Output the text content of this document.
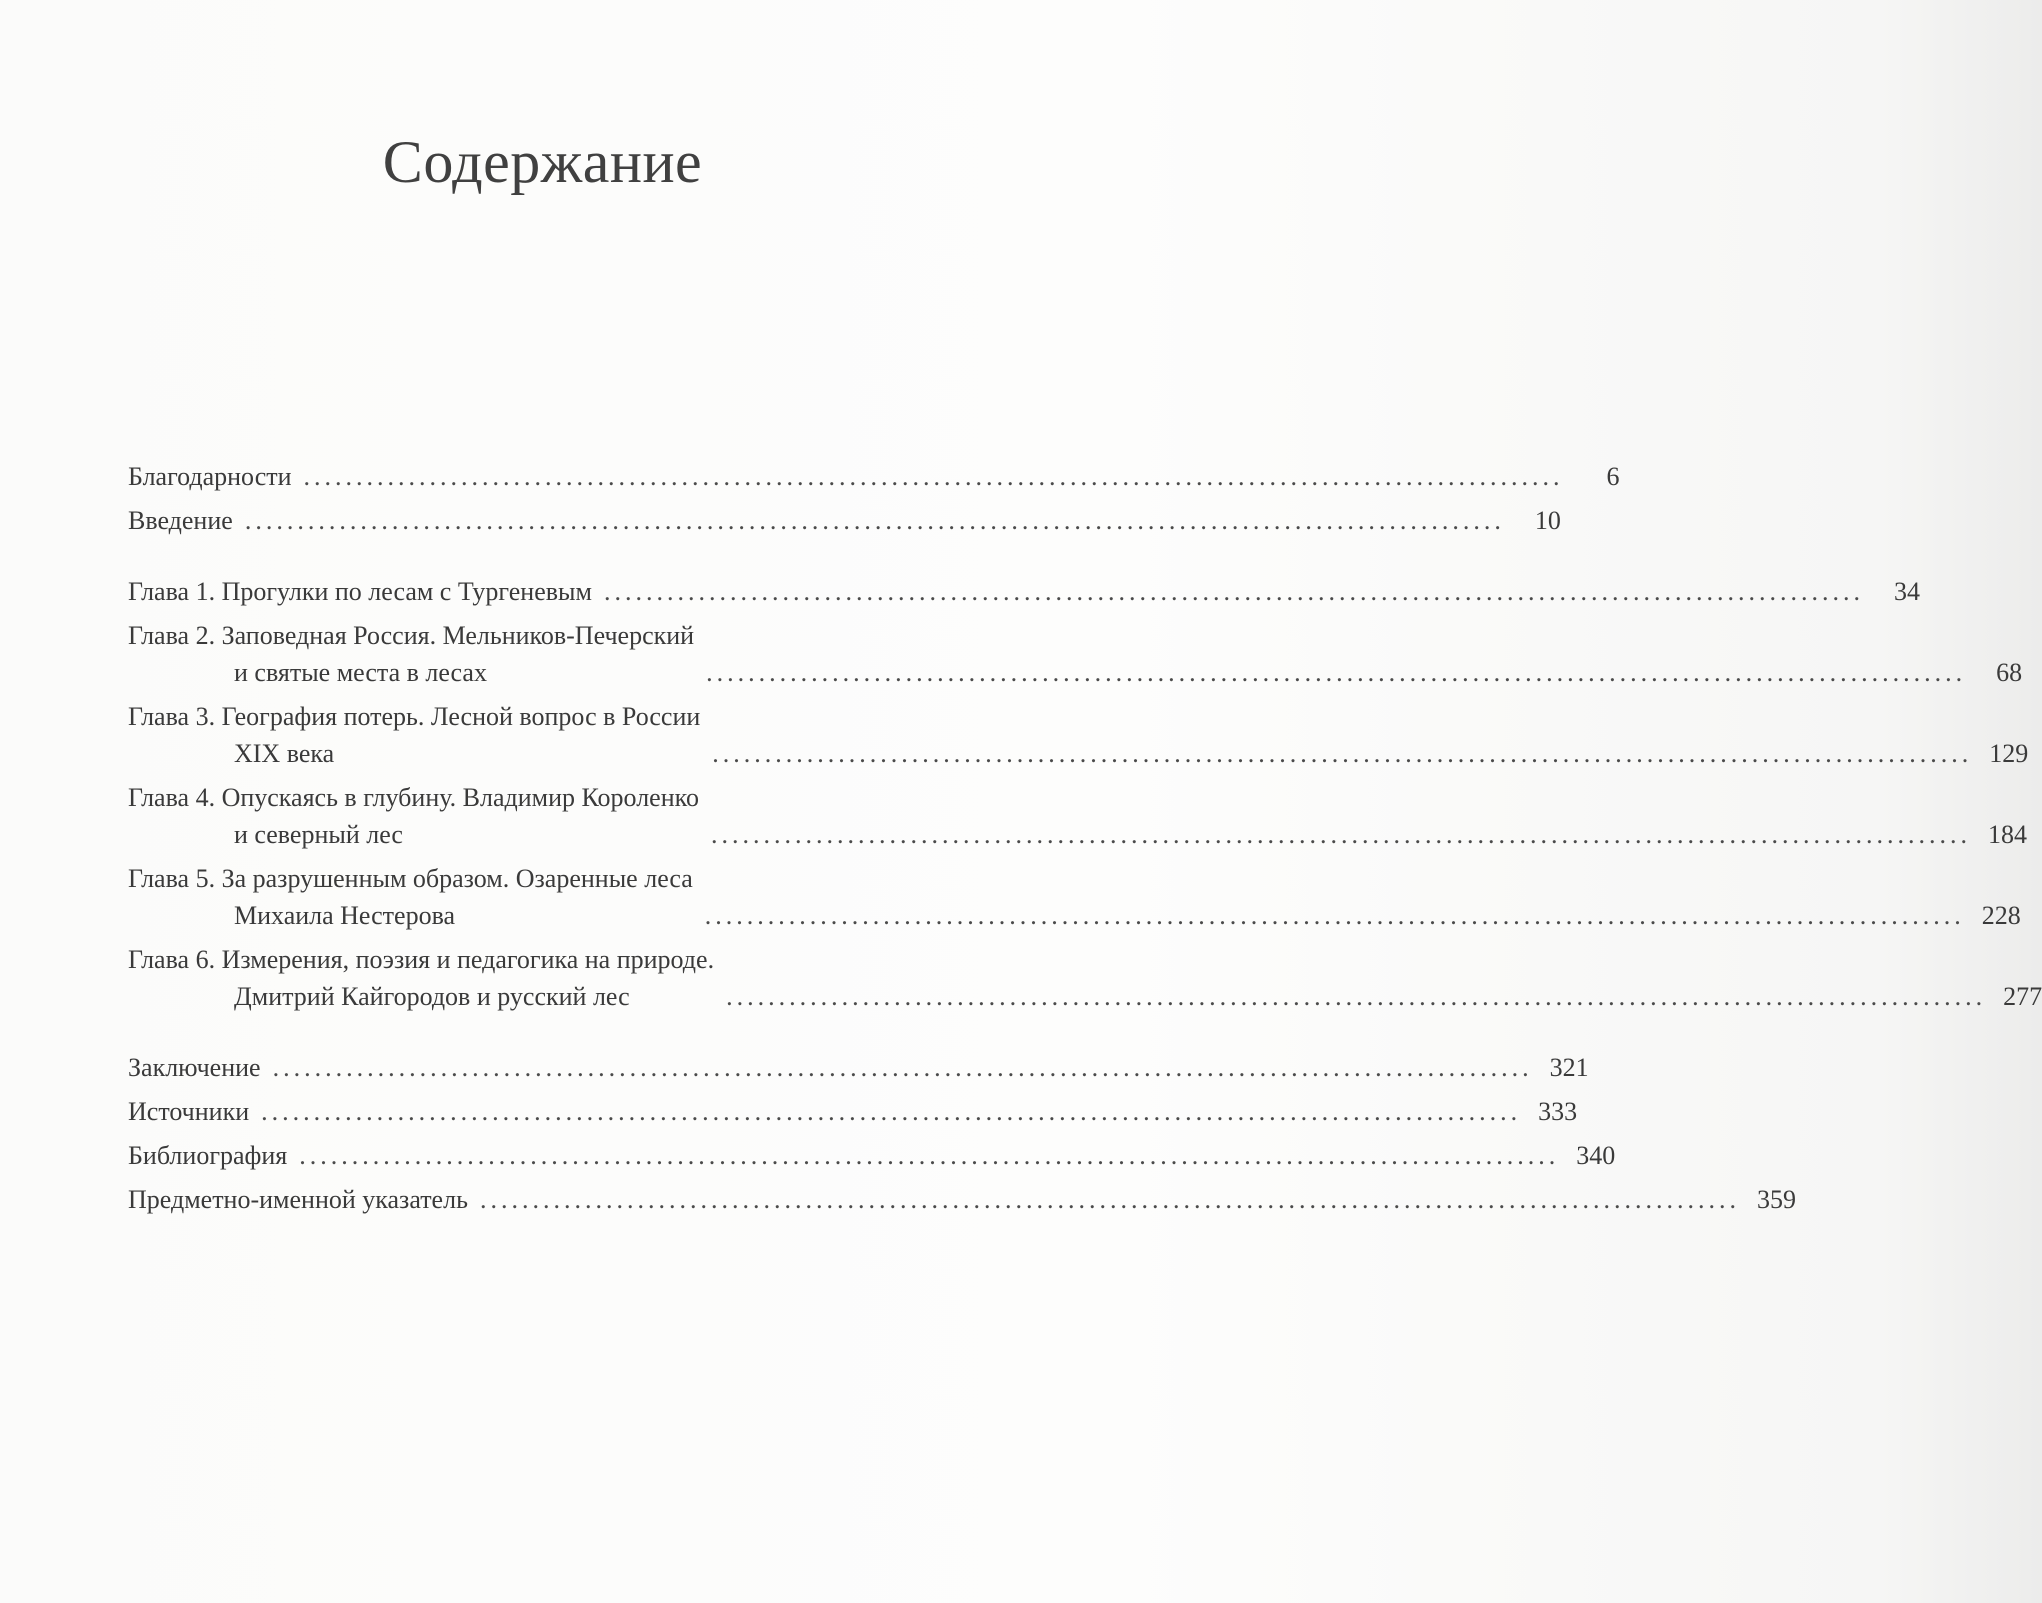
Содержание
Благодарности ........................................................................................................................	6
Введение ........................................................................................................................	10
Глава 1. Прогулки по лесам с Тургеневым ........................................................................................................................	34
Глава 2. Заповедная Россия. Мельников-Печерский
и святые места в лесах	........................................................................................................................	68
Глава 3. География потерь. Лесной вопрос в России
XIX века	........................................................................................................................ 129
Глава 4. Опускаясь в глубину. Владимир Короленко
и северный лес	........................................................................................................................ 184
Глава 5. За разрушенным образом. Озаренные леса
Михаила Нестерова	........................................................................................................................ 228
Глава 6. Измерения, поэзия и педагогика на природе.
Дмитрий Кайгородов и русский лес	........................................................................................................................ 277
Заключение ........................................................................................................................ 321
Источники ........................................................................................................................ 333
Библиография ........................................................................................................................ 340
Предметно-именной указатель ........................................................................................................................ 359
